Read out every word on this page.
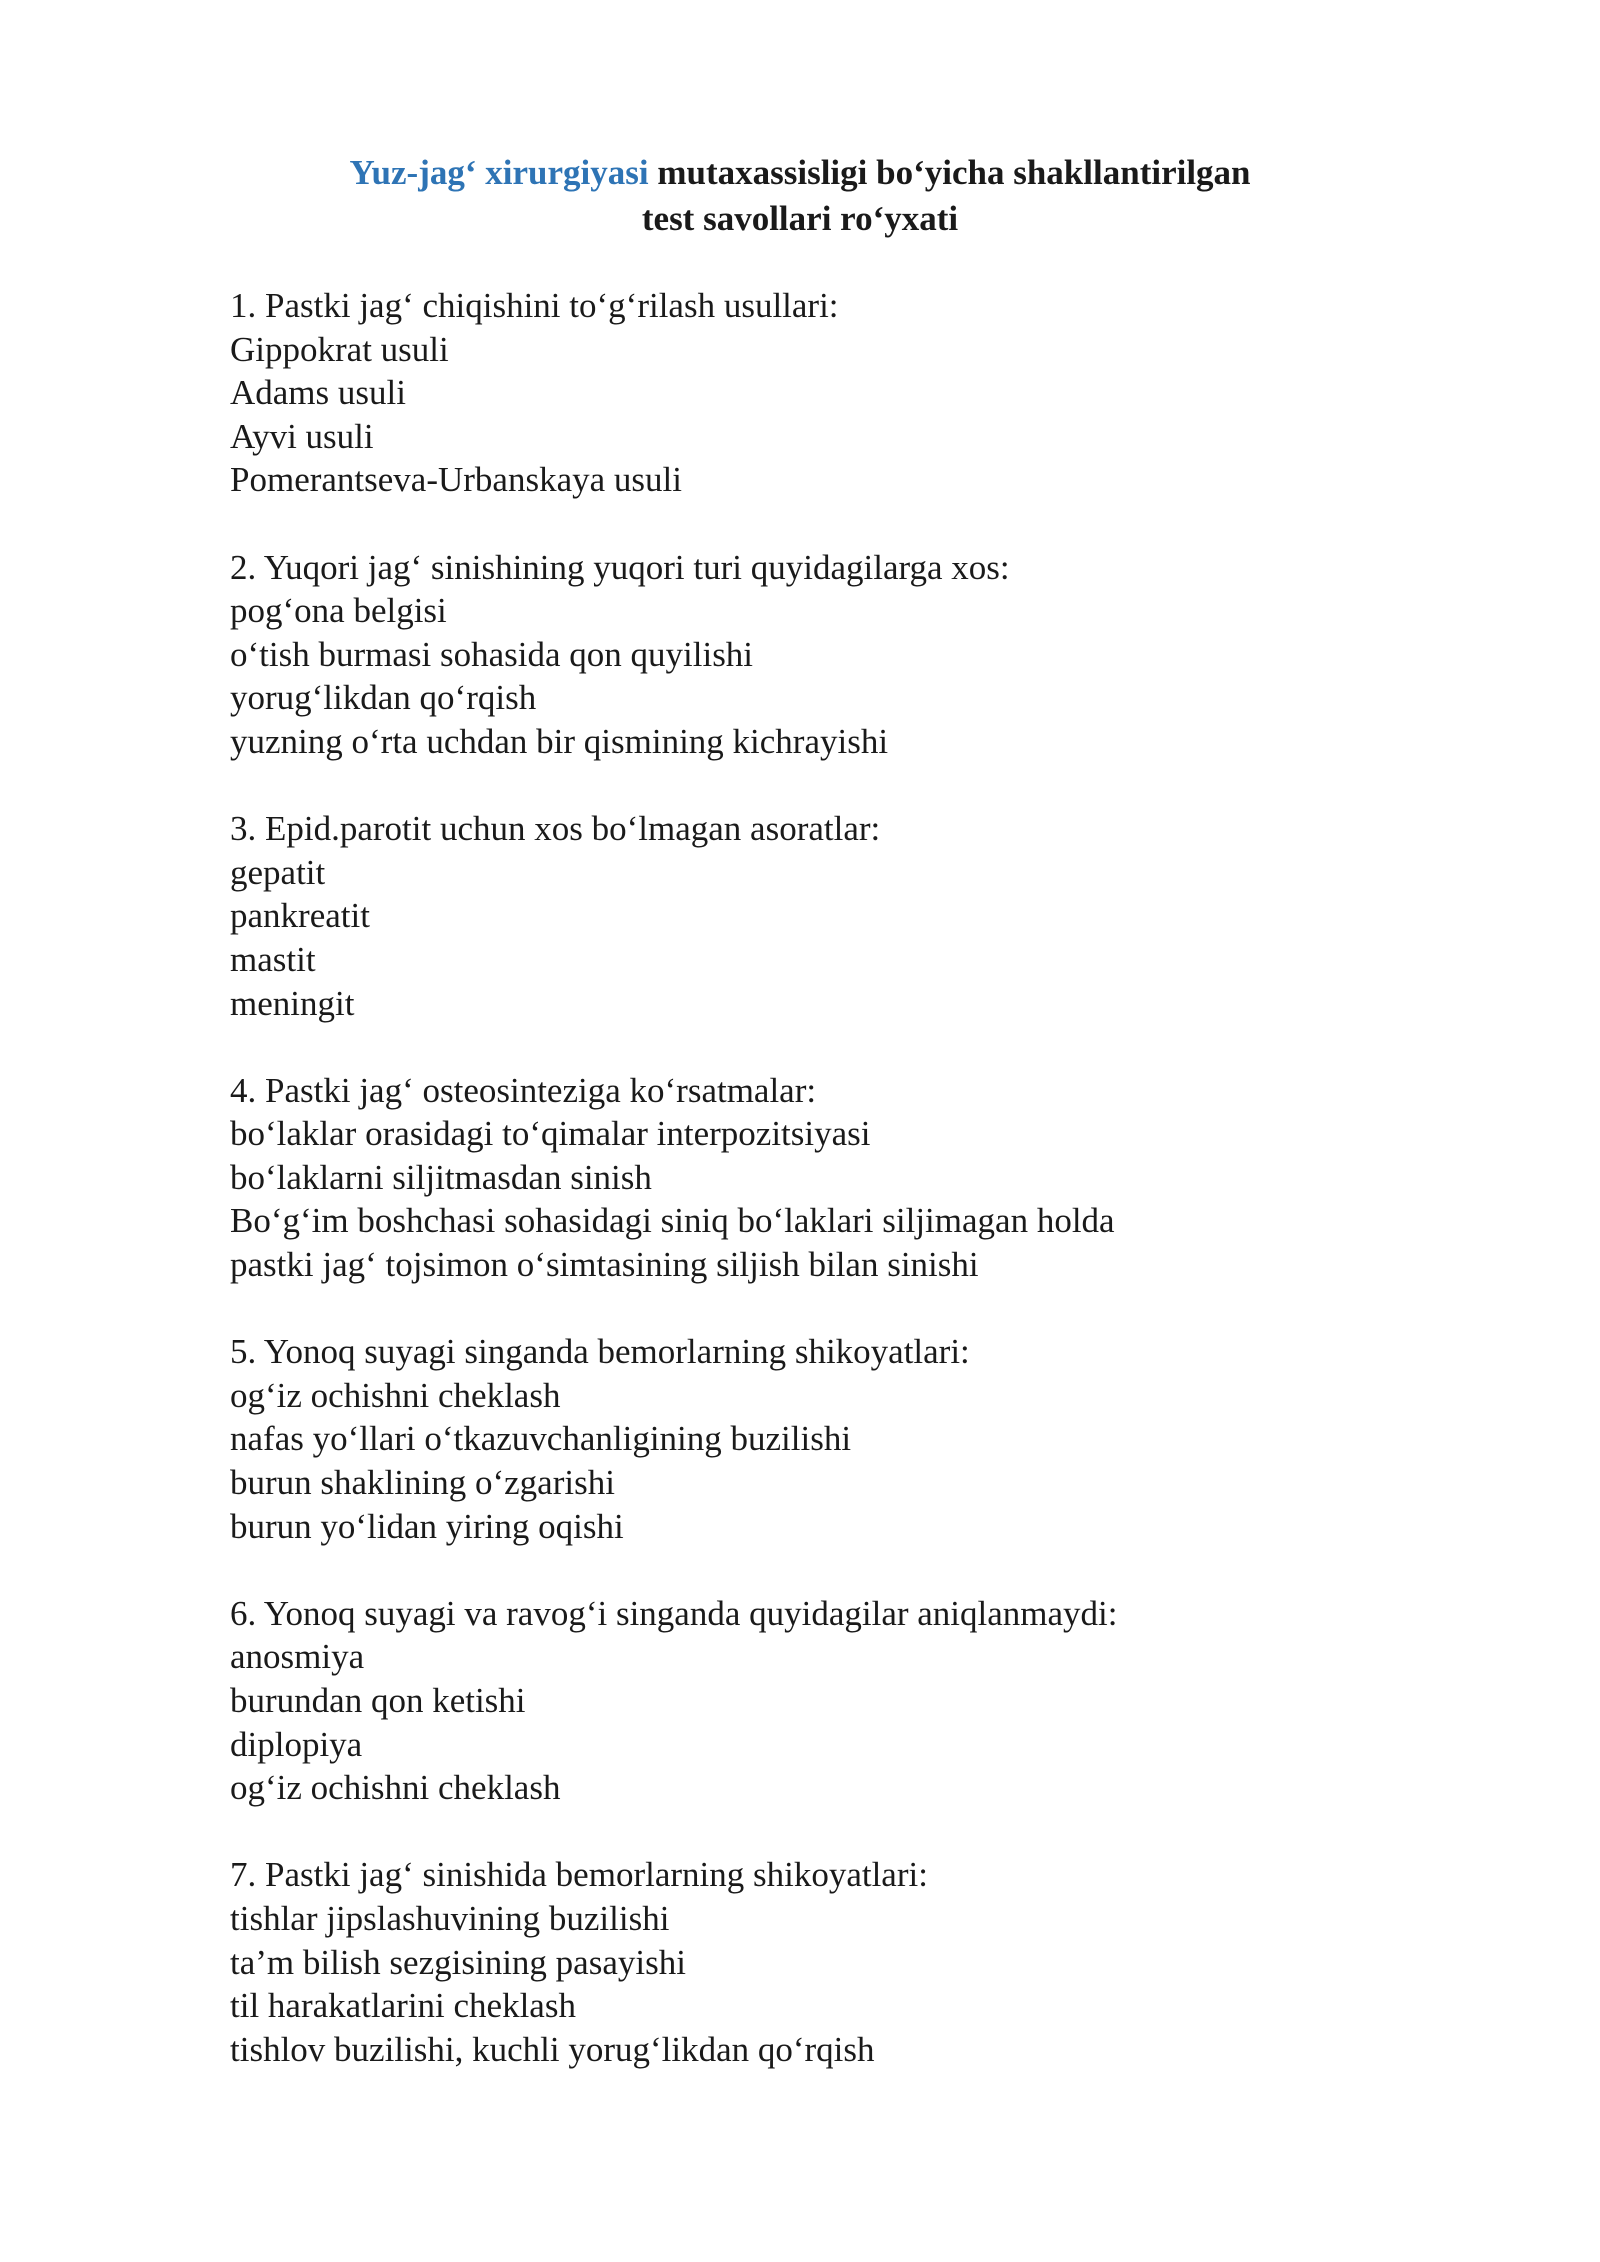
Yuz-jag‘ xirurgiyasi mutaxassisligi bo‘yicha shakllantirilgan
test savollari ro‘yxati
1. Pastki jag‘ chiqishini to‘g‘rilash usullari:
Gippokrat usuli
Adams usuli
Ayvi usuli
Pomerantseva-Urbanskaya usuli
2. Yuqori jag‘ sinishining yuqori turi quyidagilarga xos:
pog‘ona belgisi
o‘tish burmasi sohasida qon quyilishi
yorug‘likdan qo‘rqish
yuzning o‘rta uchdan bir qismining kichrayishi
3. Epid.parotit uchun xos bo‘lmagan asoratlar:
gepatit
pankreatit
mastit
meningit
4. Pastki jag‘ osteosinteziga ko‘rsatmalar:
bo‘laklar orasidagi to‘qimalar interpozitsiyasi
bo‘laklarni siljitmasdan sinish
Bo‘g‘im boshchasi sohasidagi siniq bo‘laklari siljimagan holda
pastki jag‘ tojsimon o‘simtasining siljish bilan sinishi
5. Yonoq suyagi singanda bemorlarning shikoyatlari:
og‘iz ochishni cheklash
nafas yo‘llari o‘tkazuvchanligining buzilishi
burun shaklining o‘zgarishi
burun yo‘lidan yiring oqishi
6. Yonoq suyagi va ravog‘i singanda quyidagilar aniqlanmaydi:
anosmiya
burundan qon ketishi
diplopiya
og‘iz ochishni cheklash
7. Pastki jag‘ sinishida bemorlarning shikoyatlari:
tishlar jipslashuvining buzilishi
ta’m bilish sezgisining pasayishi
til harakatlarini cheklash
tishlov buzilishi, kuchli yorug‘likdan qo‘rqish
